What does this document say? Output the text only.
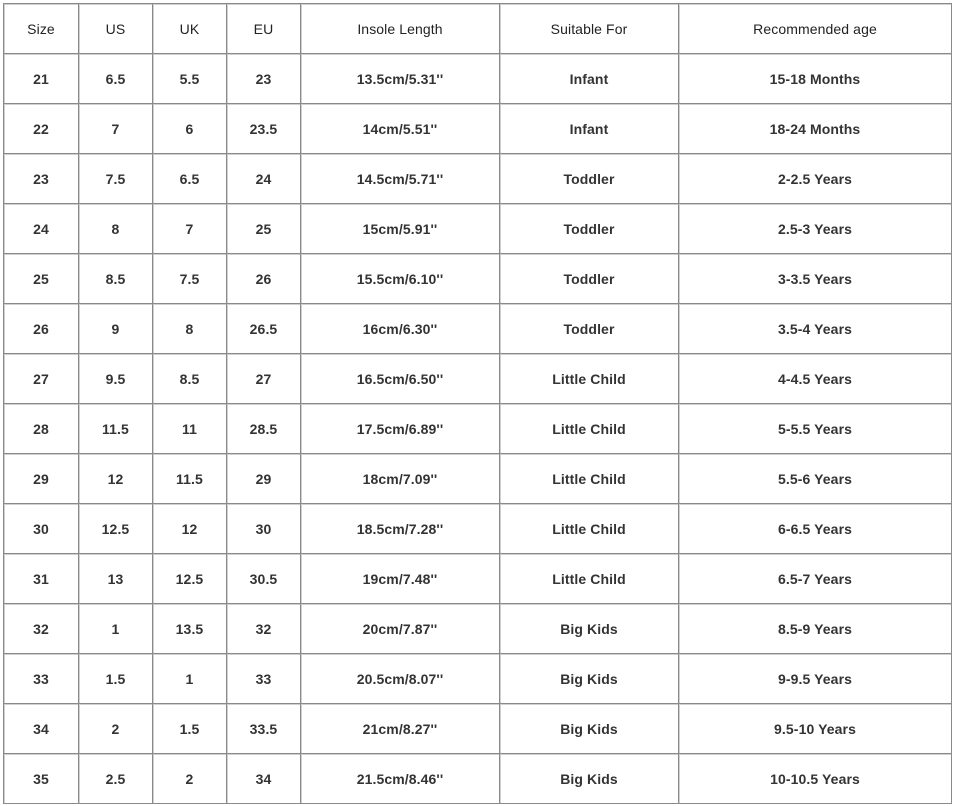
Size	US	UK	EU	Insole Length	Suitable For	Recommended age
21	6.5	5.5	23	13.5cm/5.31''	Infant	15-18 Months
22	7	6	23.5	14cm/5.51''	Infant	18-24 Months
23	7.5	6.5	24	14.5cm/5.71''	Toddler	2-2.5 Years
24	8	7	25	15cm/5.91''	Toddler	2.5-3 Years
25	8.5	7.5	26	15.5cm/6.10''	Toddler	3-3.5 Years
26	9	8	26.5	16cm/6.30''	Toddler	3.5-4 Years
27	9.5	8.5	27	16.5cm/6.50''	Little Child	4-4.5 Years
28	11.5	11	28.5	17.5cm/6.89''	Little Child	5-5.5 Years
29	12	11.5	29	18cm/7.09''	Little Child	5.5-6 Years
30	12.5	12	30	18.5cm/7.28''	Little Child	6-6.5 Years
31	13	12.5	30.5	19cm/7.48''	Little Child	6.5-7 Years
32	1	13.5	32	20cm/7.87''	Big Kids	8.5-9 Years
33	1.5	1	33	20.5cm/8.07''	Big Kids	9-9.5 Years
34	2	1.5	33.5	21cm/8.27''	Big Kids	9.5-10 Years
35	2.5	2	34	21.5cm/8.46''	Big Kids	10-10.5 Years
